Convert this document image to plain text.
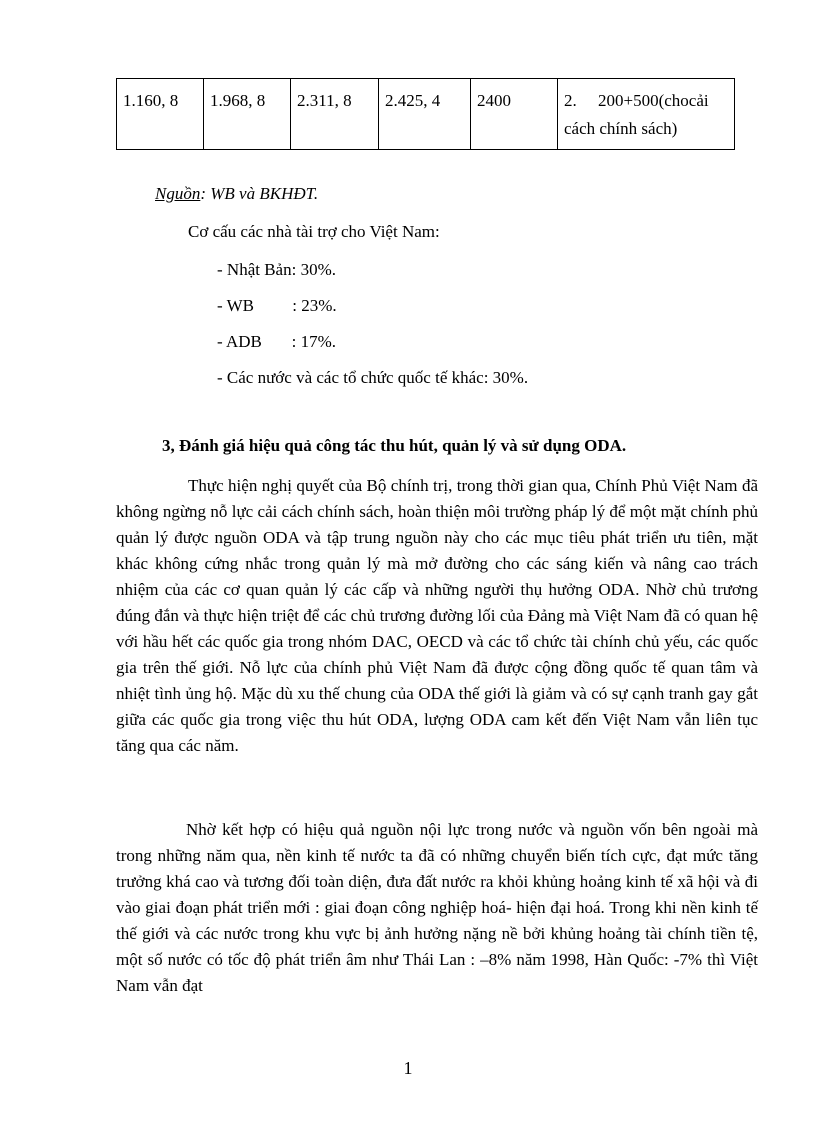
1.160, 8	1.968, 8	2.311, 8	2.425, 4	2400	2.     200+500(chocải cách chính sách)
Nguồn: WB và BKHĐT.
Cơ cấu các nhà tài trợ cho Việt Nam:
- Nhật Bản: 30%.
- WB         : 23%.
- ADB       : 17%.
- Các nước và các tổ chức quốc tế khác: 30%.
3, Đánh giá hiệu quả công tác thu hút, quản lý và sử dụng ODA.

Thực hiện nghị quyết của Bộ chính trị, trong thời gian qua, Chính Phủ Việt Nam đã không ngừng nỗ lực cải cách chính sách, hoàn thiện môi trường pháp lý để một mặt chính phủ quản lý được nguồn ODA và tập trung nguồn này cho các mục tiêu phát triển ưu tiên, mặt khác không cứng nhắc trong quản lý mà mở đường cho các sáng kiến và nâng cao trách nhiệm của các cơ quan quản lý các cấp và những người thụ hưởng ODA. Nhờ chủ trương đúng đắn và thực hiện triệt để các chủ trương đường lối của Đảng mà Việt Nam đã có quan hệ với hầu hết các quốc gia trong nhóm DAC, OECD và các tổ chức tài chính chủ yếu, các quốc gia trên thế giới. Nỗ lực của chính phủ Việt Nam đã được cộng đồng quốc tế quan tâm và nhiệt tình ủng hộ. Mặc dù xu thế chung của ODA thế giới là giảm và có sự cạnh tranh gay gắt giữa các quốc gia trong việc thu hút ODA, lượng ODA cam kết đến Việt Nam vẫn liên tục tăng qua các năm.

Nhờ kết hợp có hiệu quả nguồn nội lực trong nước và nguồn vốn bên ngoài mà trong những năm qua, nền kinh tế nước ta đã có những chuyển biến tích cực, đạt mức tăng trưởng khá cao và tương đối toàn diện, đưa đất nước ra khỏi khủng hoảng kinh tế xã hội và đi vào giai đoạn phát triển mới : giai đoạn công nghiệp hoá- hiện đại hoá. Trong khi nền kinh tế thế giới và các nước trong khu vực bị ảnh hưởng nặng nề bởi khủng hoảng tài chính tiền tệ, một số nước có tốc độ phát triển âm như Thái Lan : –8% năm 1998, Hàn Quốc: -7% thì Việt Nam vẫn đạt

1
